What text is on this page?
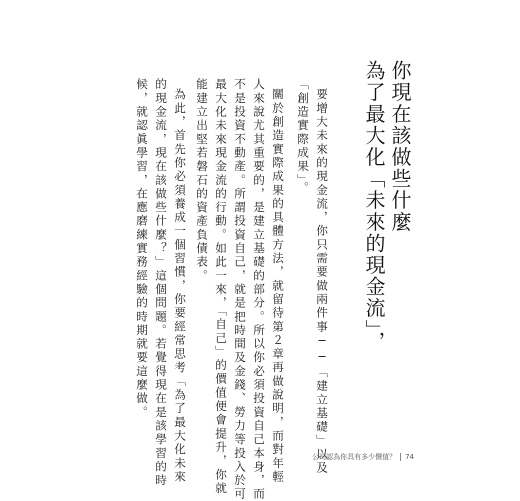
為了最大化「未來的現金流」， 你現在該做些什麼
要增大未來的現金流，你只需要做兩件事──「建立基礎」以及
「創造實際成果」。
關於創造實際成果的具體方法，就留待第２章再做說明，而對年輕
人來說尤其重要的，是建立基礎的部分。所以你必須投資自己本身，而
不是投資不動產。所謂投資自己，就是把時間及金錢、勞力等投入於可
最大化未來現金流的行動。如此一來，「自己」的價值便會提升，你就
能建立出堅若磐石的資產負債表。
為此，首先你必須養成一個習慣，你要經常思考「為了最大化未來
的現金流，現在該做些什麼？」這個問題。若覺得現在是該學習的時
候，就認眞學習，在應磨練實務經驗的時期就要這麼做。
公司認為你具有多少價值？ 74
